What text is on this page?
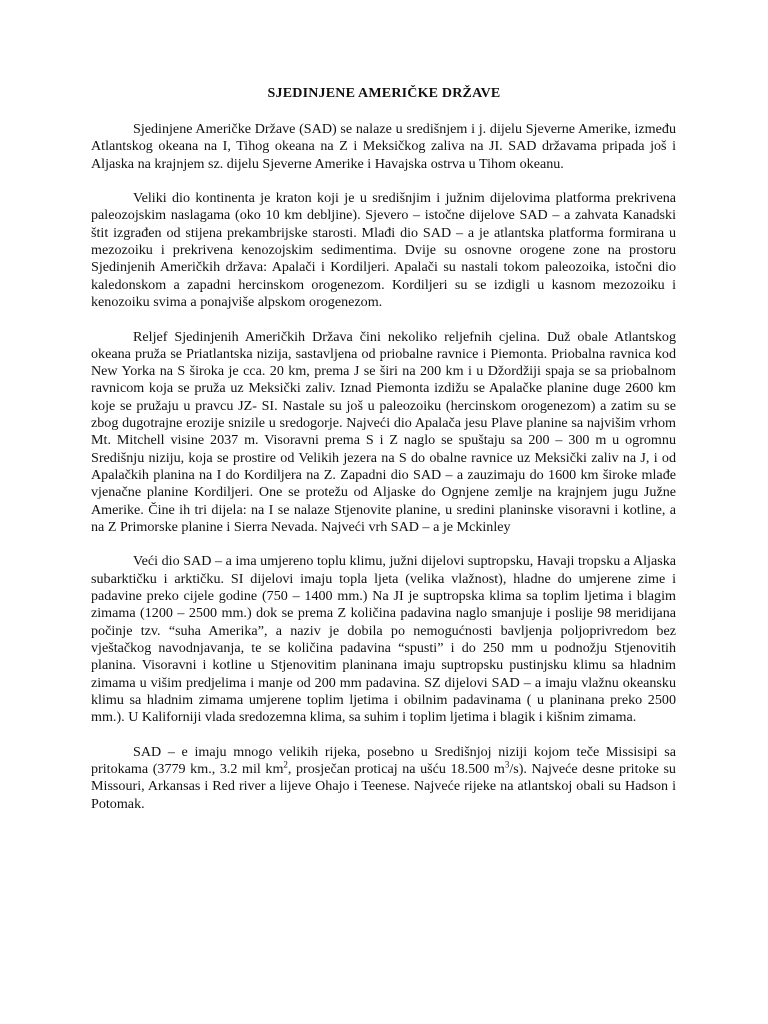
SJEDINJENE AMERIČKE DRŽAVE

Sjedinjene Američke Države (SAD) se nalaze u središnjem i j. dijelu Sjeverne Amerike, između Atlantskog okeana na I, Tihog okeana na Z i Meksičkog zaliva na JI. SAD državama pripada još i Aljaska na krajnjem sz. dijelu Sjeverne Amerike i Havajska ostrva u Tihom okeanu.

Veliki dio kontinenta je kraton koji je u središnjim i južnim dijelovima platforma prekrivena paleozojskim naslagama (oko 10 km debljine). Sjevero – istočne dijelove SAD – a zahvata Kanadski štit izgrađen od stijena prekambrijske starosti. Mlađi dio SAD – a je atlantska platforma formirana u mezozoiku i prekrivena kenozojskim sedimentima. Dvije su osnovne orogene zone na prostoru Sjedinjenih Američkih država: Apalači i Kordiljeri. Apalači su nastali tokom paleozoika, istočni dio kaledonskom a zapadni hercinskom orogenezom. Kordiljeri su se izdigli u kasnom mezozoiku i kenozoiku svima a ponajviše alpskom orogenezom.

Reljef Sjedinjenih Američkih Država čini nekoliko reljefnih cjelina. Duž obale Atlantskog okeana pruža se Priatlantska nizija, sastavljena od priobalne ravnice i Piemonta. Priobalna ravnica kod New Yorka na S široka je cca. 20 km, prema J se širi na 200 km i u Džordžiji spaja se sa priobalnom ravnicom koja se pruža uz Meksički zaliv. Iznad Piemonta izdižu se Apalačke planine duge 2600 km koje se pružaju u pravcu JZ- SI. Nastale su još u paleozoiku (hercinskom orogenezom) a zatim su se zbog dugotrajne erozije snizile u sredogorje. Najveći dio Apalača jesu Plave planine sa najvišim vrhom Mt. Mitchell visine 2037 m. Visoravni prema S i Z naglo se spuštaju sa 200 – 300 m u ogromnu Središnju niziju, koja se prostire od Velikih jezera na S do obalne ravnice uz Meksički zaliv na J, i od Apalačkih planina na I do Kordiljera na Z. Zapadni dio SAD – a zauzimaju do 1600 km široke mlađe vjenačne planine Kordiljeri. One se protežu od Aljaske do Ognjene zemlje na krajnjem jugu Južne Amerike. Čine ih tri dijela: na I se nalaze Stjenovite planine, u sredini planinske visoravni i kotline, a na Z Primorske planine i Sierra Nevada. Najveći vrh SAD – a je Mckinley

Veći dio SAD – a ima umjereno toplu klimu, južni dijelovi suptropsku, Havaji tropsku a Aljaska subarktičku i arktičku. SI dijelovi imaju topla ljeta (velika vlažnost), hladne do umjerene zime i padavine preko cijele godine (750 – 1400 mm.) Na JI je suptropska klima sa toplim ljetima i blagim zimama (1200 – 2500 mm.) dok se prema Z količina padavina naglo smanjuje i poslije 98 meridijana počinje tzv. “suha Amerika”, a naziv je dobila po nemogućnosti bavljenja poljoprivredom bez vještačkog navodnjavanja, te se količina padavina “spusti” i do 250 mm u podnožju Stjenovitih planina. Visoravni i kotline u Stjenovitim planinana imaju suptropsku pustinjsku klimu sa hladnim zimama u višim predjelima i manje od 200 mm padavina. SZ dijelovi SAD – a imaju vlažnu okeansku klimu sa hladnim zimama umjerene toplim ljetima i obilnim padavinama ( u planinana preko 2500 mm.). U Kaliforniji vlada sredozemna klima, sa suhim i toplim ljetima i blagik i kišnim zimama.

SAD – e imaju mnogo velikih rijeka, posebno u Središnjoj niziji kojom teče Missisipi sa pritokama (3779 km., 3.2 mil $km^2$, prosječan proticaj na ušću 18.500 $m^3/s$). Najveće desne pritoke su Missouri, Arkansas i Red river a lijeve Ohajo i Teenese. Najveće rijeke na atlantskoj obali su Hadson i Potomak.
